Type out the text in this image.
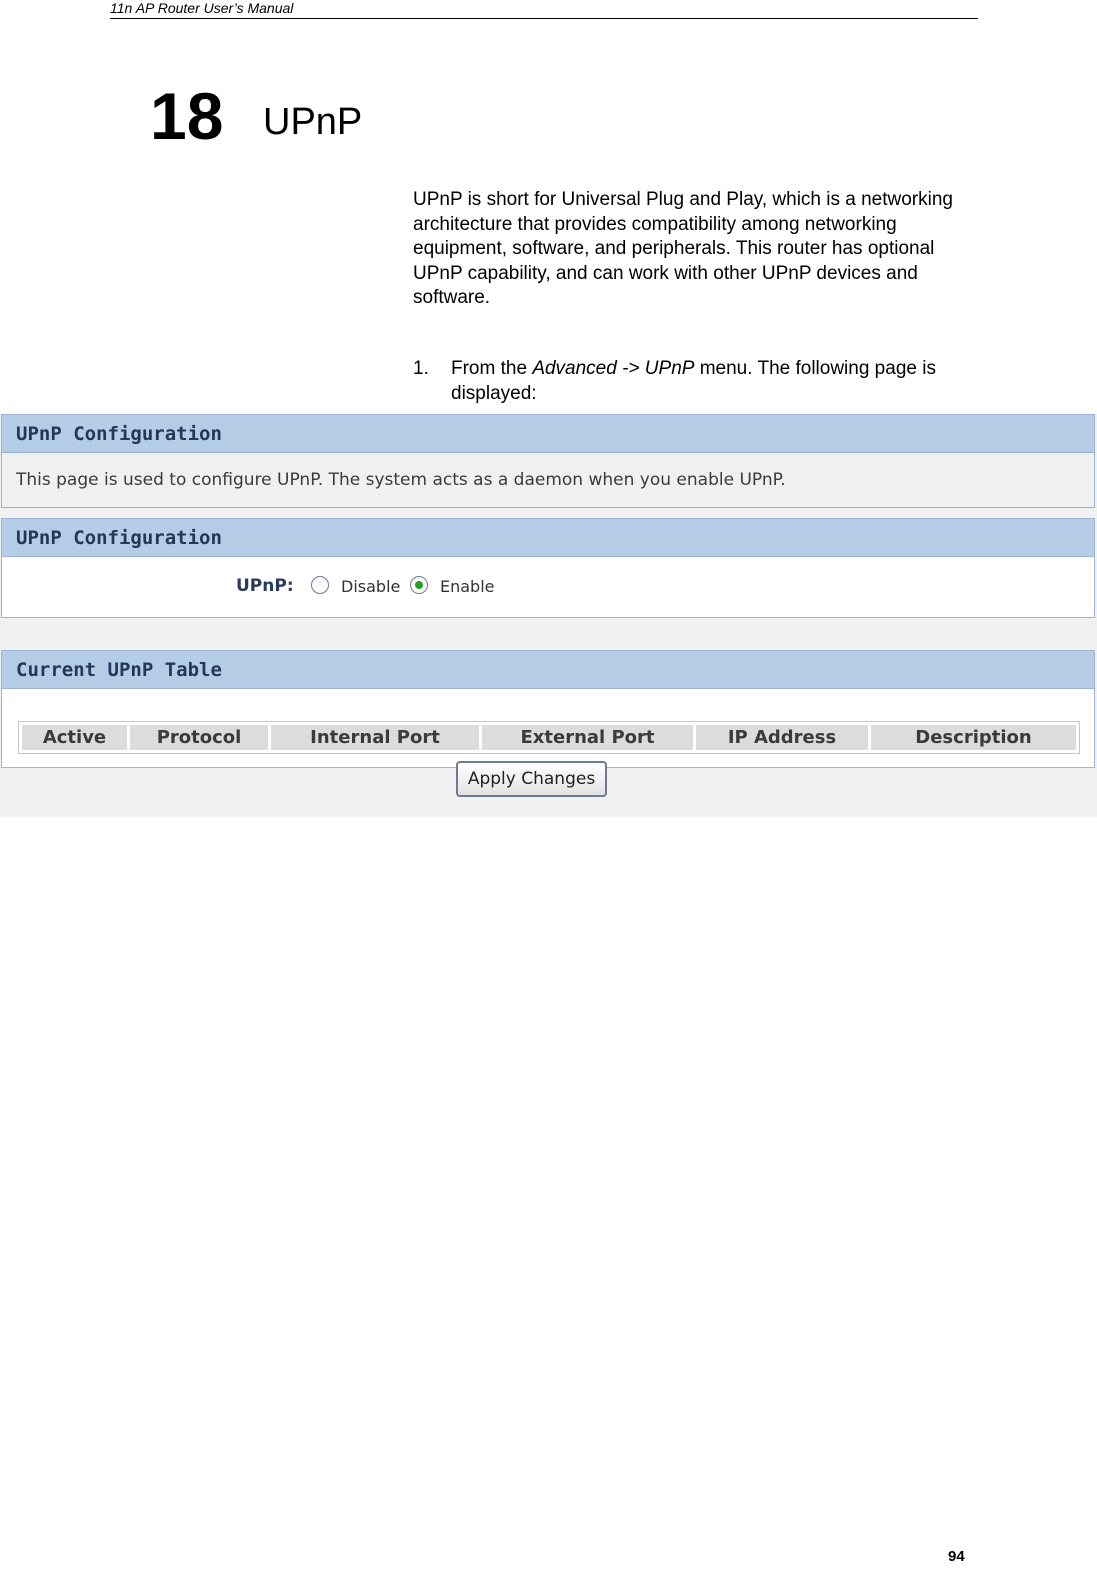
11n AP Router User’s Manual
18 UPnP

UPnP is short for Universal Plug and Play, which is a networking architecture that provides compatibility among networking equipment, software, and peripherals. This router has optional UPnP capability, and can work with other UPnP devices and software.

1. From the Advanced -> UPnP menu. The following page is displayed:
UPnP Configuration
This page is used to configure UPnP. The system acts as a daemon when you enable UPnP.
UPnP Configuration
UPnP:	Disable Enable
Current UPnP Table
Active	Protocol	Internal Port	External Port	IP Address	Description
Apply Changes
94
